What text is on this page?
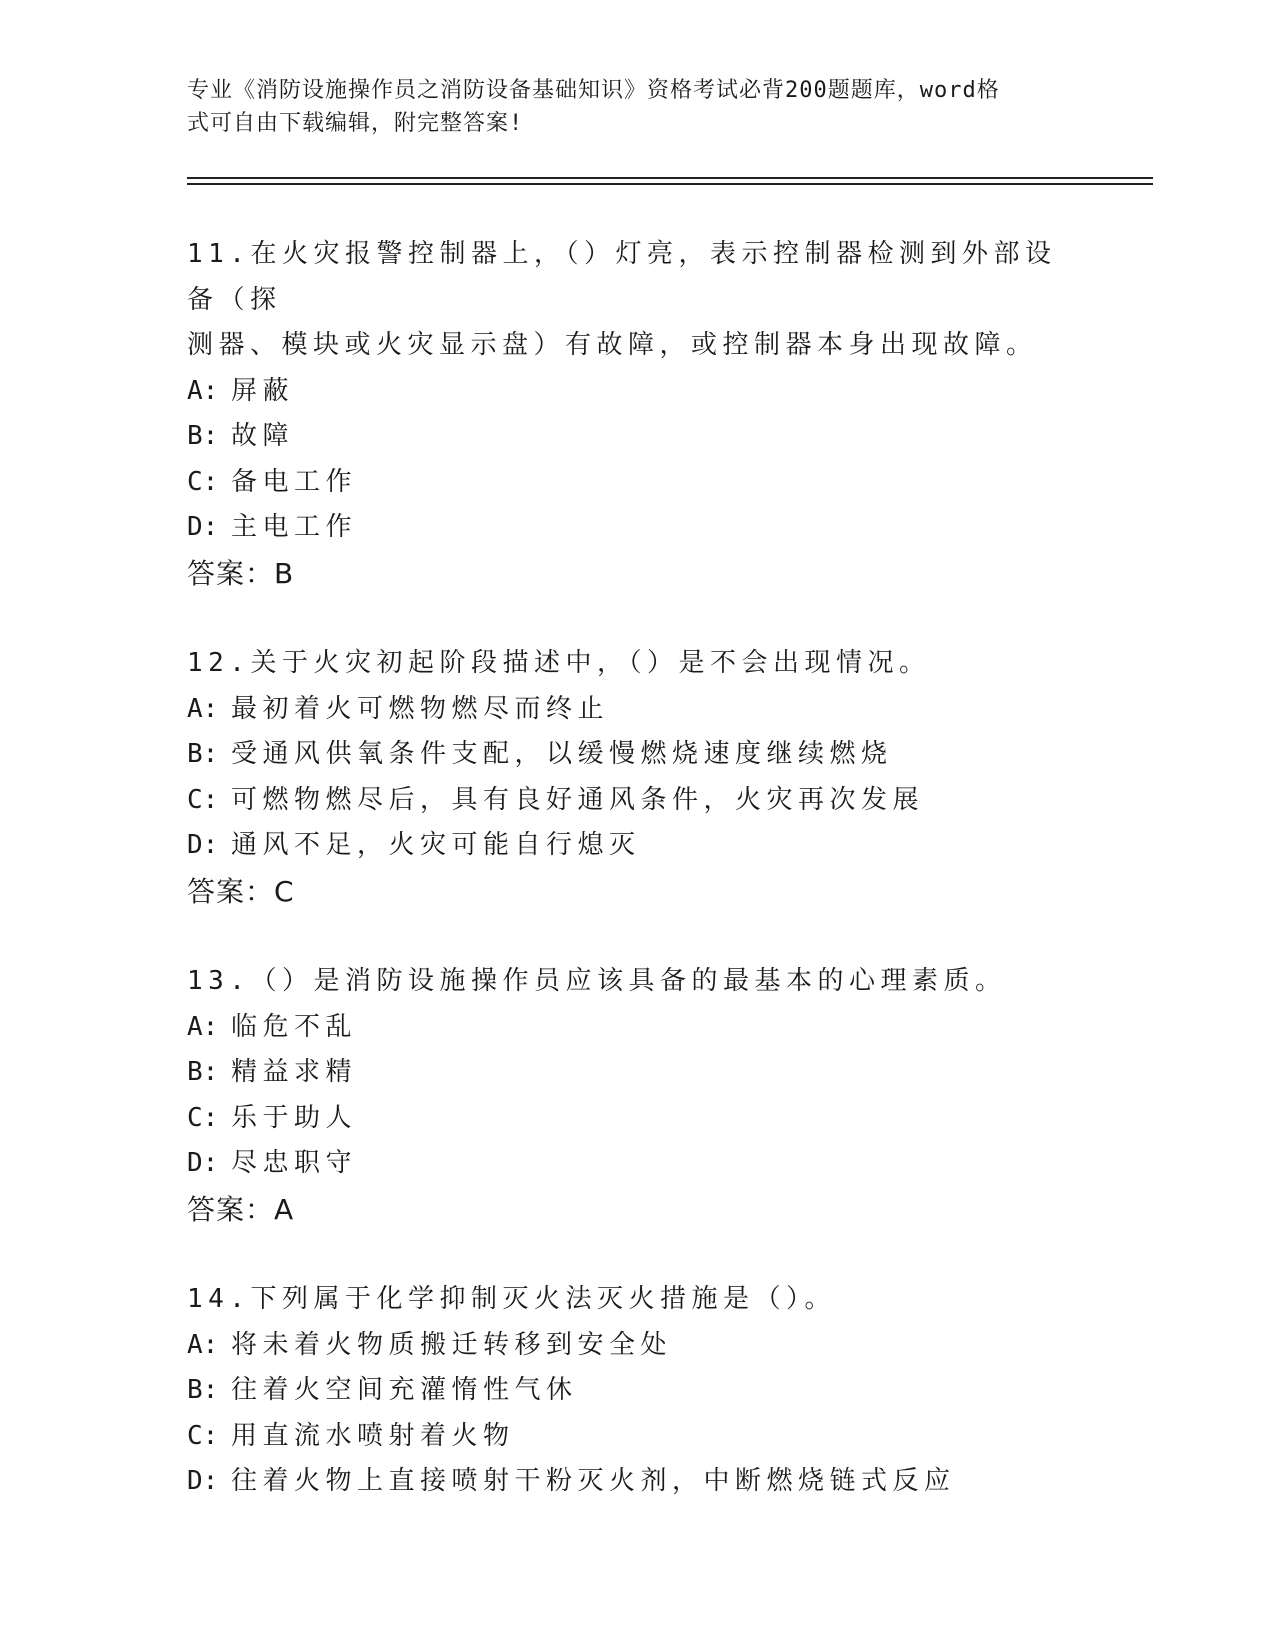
专业《消防设施操作员之消防设备基础知识》资格考试必背200题题库，word格
式可自由下载编辑，附完整答案!
11.在火灾报警控制器上，（）灯亮，表示控制器检测到外部设备（探
测器、模块或火灾显示盘）有故障，或控制器本身出现故障。
A: 屏蔽
B: 故障
C: 备电工作
D: 主电工作
答案：B
12.关于火灾初起阶段描述中，（）是不会出现情况。
A: 最初着火可燃物燃尽而终止
B: 受通风供氧条件支配，以缓慢燃烧速度继续燃烧
C: 可燃物燃尽后，具有良好通风条件，火灾再次发展
D: 通风不足，火灾可能自行熄灭
答案：C
13.（）是消防设施操作员应该具备的最基本的心理素质。
A: 临危不乱
B: 精益求精
C: 乐于助人
D: 尽忠职守
答案：A
14.下列属于化学抑制灭火法灭火措施是（）。
A: 将未着火物质搬迁转移到安全处
B: 往着火空间充灌惰性气休
C: 用直流水喷射着火物
D: 往着火物上直接喷射干粉灭火剂，中断燃烧链式反应
